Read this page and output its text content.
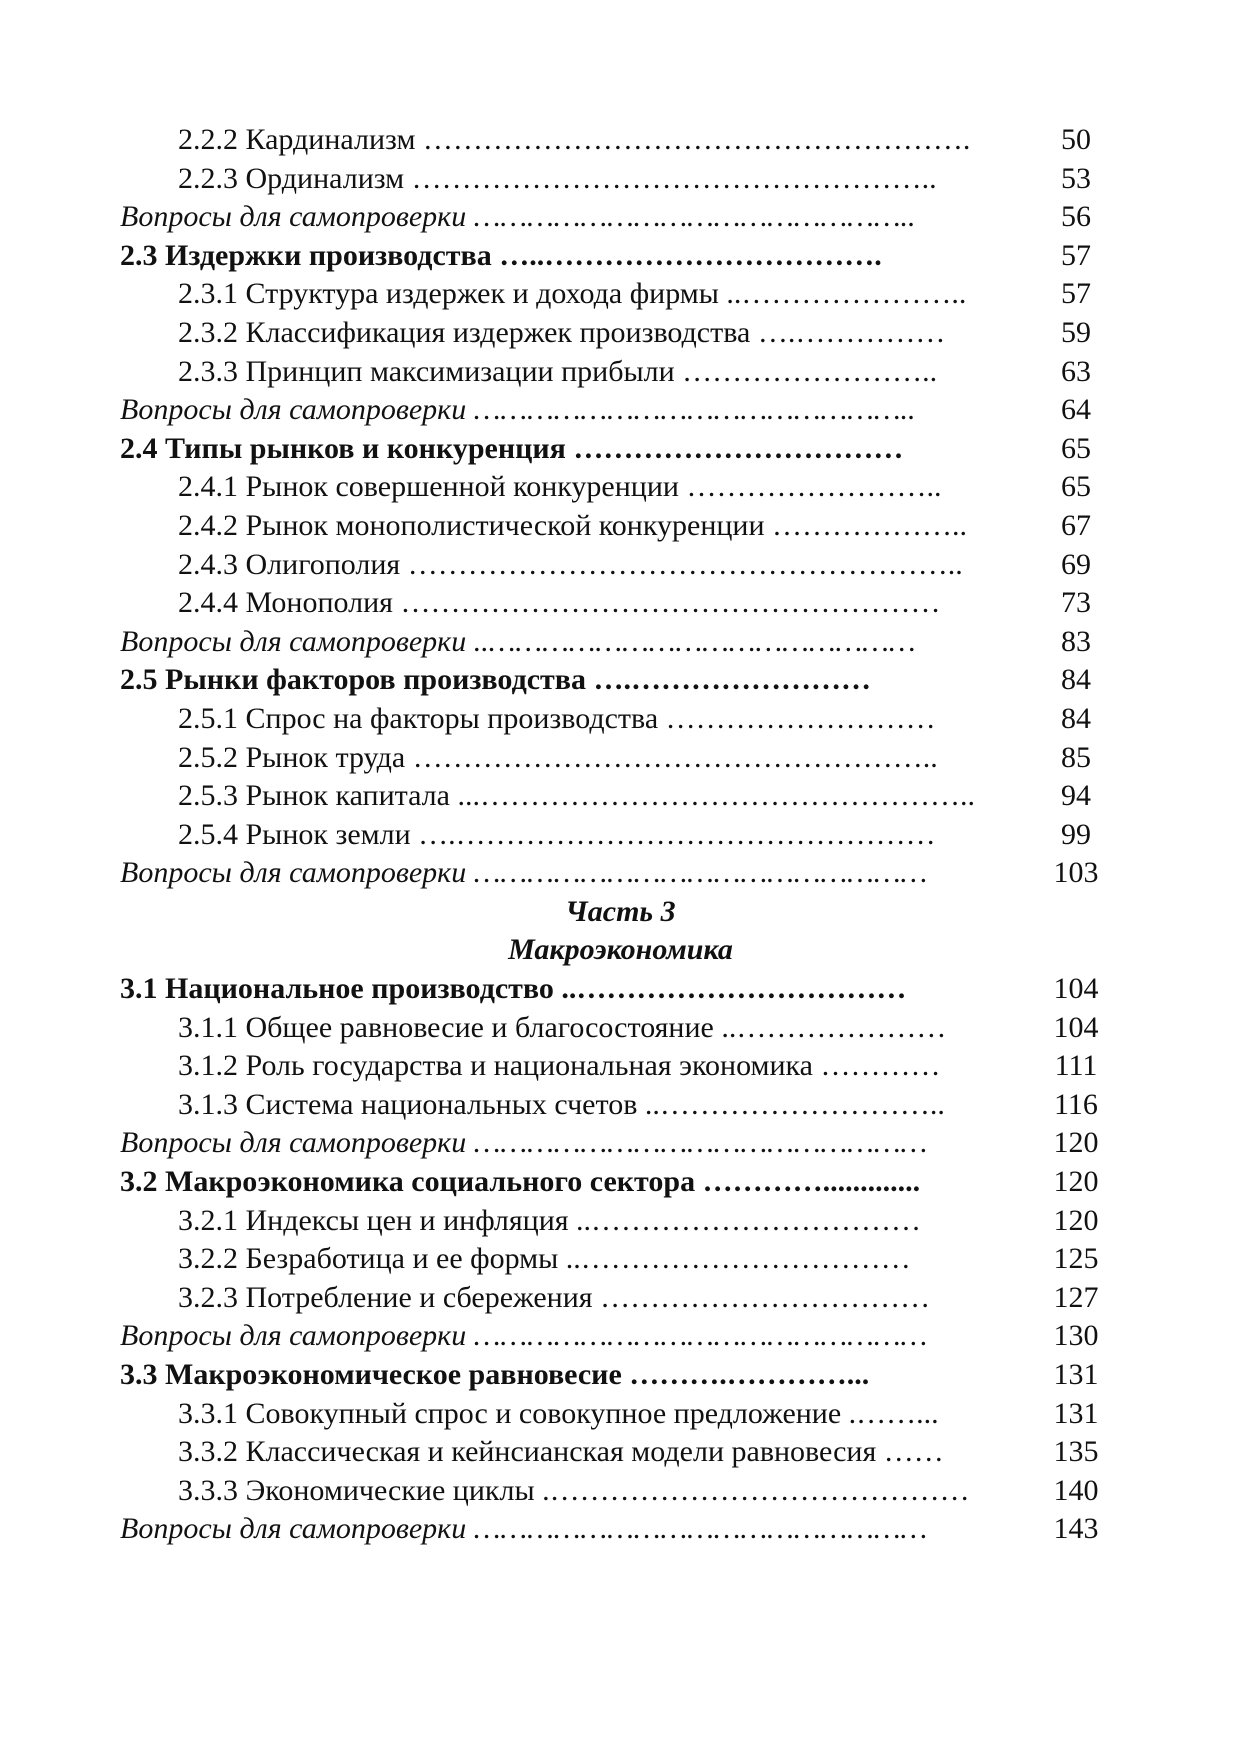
2.2.2 Кардинализм ……………………………………………….	50
2.2.3 Ординализм ……………………………………………..	53
Вопросы для самопроверки …………………………………………..	56
2.3 Издержки производства …..…………………………….	57
2.3.1 Структура издержек и дохода фирмы ..…………………..	57
2.3.2 Классификация издержек производства ….……………	59
2.3.3 Принцип максимизации прибыли ……………………..	63
Вопросы для самопроверки …………………………………………..	64
2.4 Типы рынков и конкуренция ……………………………	65
2.4.1 Рынок совершенной конкуренции ……………………..	65
2.4.2 Рынок монополистической конкуренции ………………..	67
2.4.3 Олигополия ………………………………………………..	69
2.4.4 Монополия ………………………………………………	73
Вопросы для самопроверки ..…………………………………………	83
2.5 Рынки факторов производства ….……………………	84
2.5.1 Спрос на факторы производства ………………………	84
2.5.2 Рынок труда ……………………………………………..	85
2.5.3 Рынок капитала ...…………………………………………..	94
2.5.4 Рынок земли ….…………………………………………	99
Вопросы для самопроверки ……………………………………………	103
Часть 3
Макроэкономика
3.1 Национальное производство ..……………………………	104
3.1.1 Общее равновесие и благосостояние ..…………………	104
3.1.2 Роль государства и национальная экономика …………	111
3.1.3 Система национальных счетов ..………………………..	116
Вопросы для самопроверки ……………………………………………	120
3.2 Макроэкономика социального сектора ………….............	120
3.2.1 Индексы цен и инфляция ..……………………………	120
3.2.2 Безработица и ее формы ..……………………………	125
3.2.3 Потребление и сбережения ……………………………	127
Вопросы для самопроверки ……………………………………………	130
3.3 Макроэкономическое равновесие ……….…………...	131
3.3.1 Совокупный спрос и совокупное предложение .……...	131
3.3.2 Классическая и кейнсианская модели равновесия ……	135
3.3.3 Экономические циклы .……………………………………	140
Вопросы для самопроверки ……………………………………………	143
